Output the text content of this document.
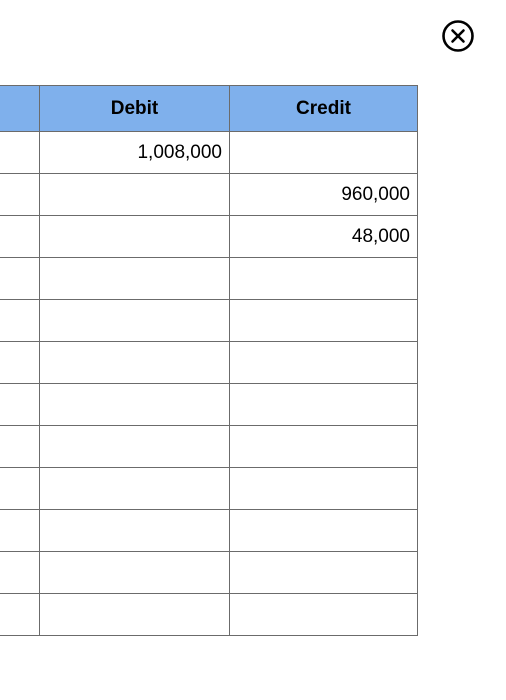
Debit	Credit
1,008,000
960,000
48,000
